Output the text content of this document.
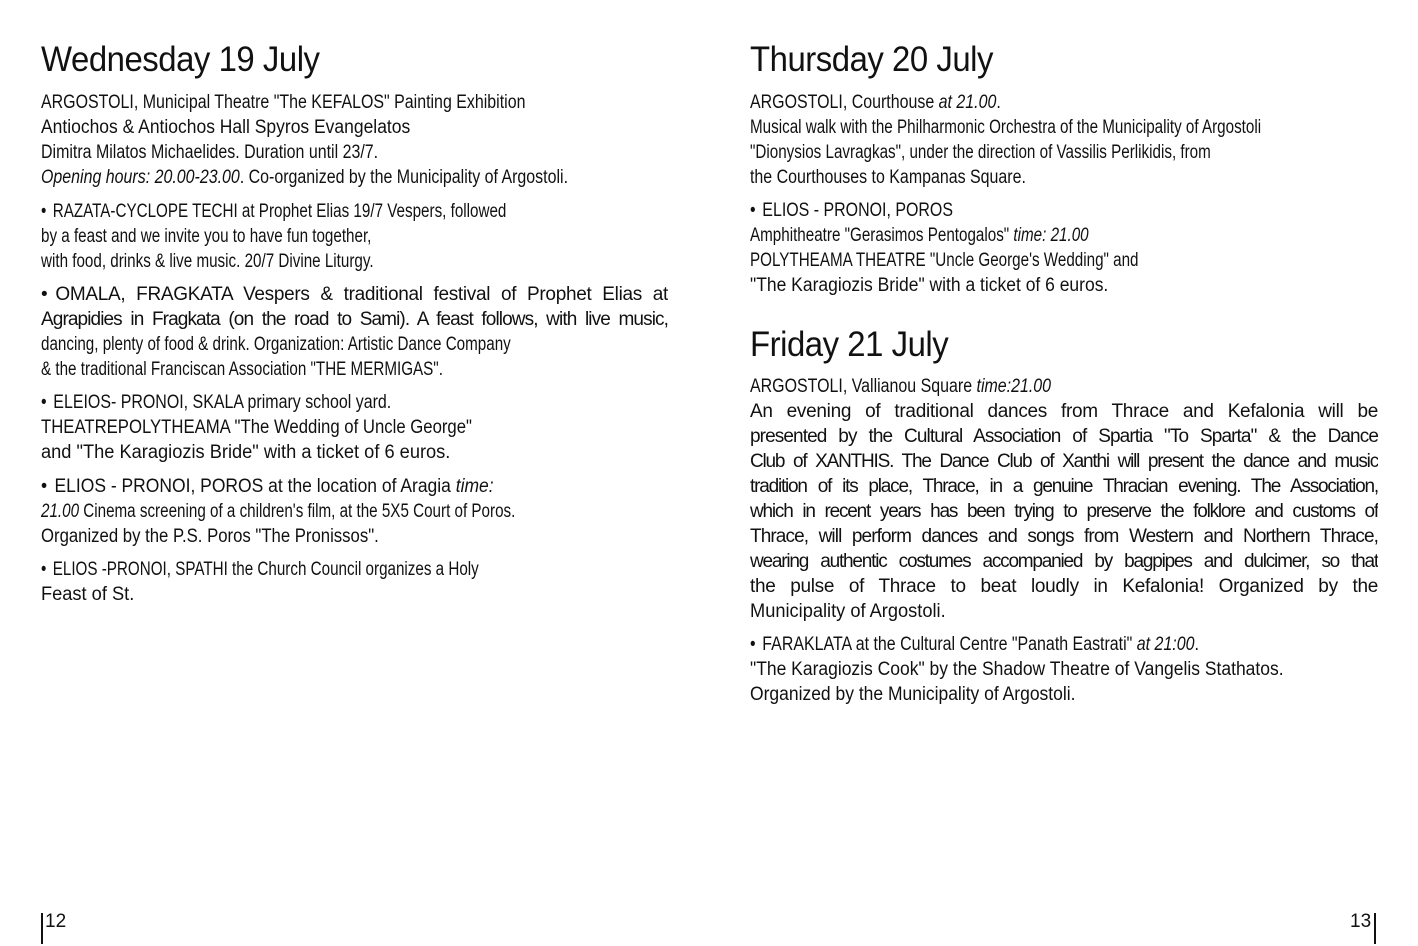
Wednesday 19 July
ARGOSTOLI, Municipal Theatre "The KEFALOS" Painting Exhibition
Antiochos & Antiochos Hall Spyros Evangelatos
Dimitra Milatos Michaelides. Duration until 23/7.
Opening hours: 20.00-23.00. Co-organized by the Municipality of Argostoli.
• RAZATA-CYCLOPE TECHI at Prophet Elias 19/7 Vespers, followed
by a feast and we invite you to have fun together,
with food, drinks & live music. 20/7 Divine Liturgy.
• OMALA, FRAGKATA Vespers & traditional festival of Prophet Elias at
Agrapidies in Fragkata (on the road to Sami). A feast follows, with live music,
dancing, plenty of food & drink. Organization: Artistic Dance Company
& the traditional Franciscan Association "THE MERMIGAS".
• ELEIOS- PRONOI, SKALA primary school yard.
THEATREPOLYTHEAMA "The Wedding of Uncle George"
and "The Karagiozis Bride" with a ticket of 6 euros.
• ELIOS - PRONOI, POROS at the location of Aragia time:
21.00 Cinema screening of a children's film, at the 5X5 Court of Poros.
Organized by the P.S. Poros "The Pronissos".
• ELIOS -PRONOI, SPATHI the Church Council organizes a Holy
Feast of St.
Thursday 20 July
ARGOSTOLI, Courthouse at 21.00.
Musical walk with the Philharmonic Orchestra of the Municipality of Argostoli
"Dionysios Lavragkas", under the direction of Vassilis Perlikidis, from
the Courthouses to Kampanas Square.
• ELIOS - PRONOI, POROS
Amphitheatre "Gerasimos Pentogalos" time: 21.00
POLYTHEAMA THEATRE "Uncle George's Wedding" and
"The Karagiozis Bride" with a ticket of 6 euros.
Friday 21 July
ARGOSTOLI, Vallianou Square time:21.00
An evening of traditional dances from Thrace and Kefalonia will be
presented by the Cultural Association of Spartia "To Sparta" & the Dance
Club of XANTHIS. The Dance Club of Xanthi will present the dance and music
tradition of its place, Thrace, in a genuine Thracian evening. The Association,
which in recent years has been trying to preserve the folklore and customs of
Thrace, will perform dances and songs from Western and Northern Thrace,
wearing authentic costumes accompanied by bagpipes and dulcimer, so that
the pulse of Thrace to beat loudly in Kefalonia! Organized by the
Municipality of Argostoli.
• FARAKLATA at the Cultural Centre "Panath Eastrati" at 21:00.
"The Karagiozis Cook" by the Shadow Theatre of Vangelis Stathatos.
Organized by the Municipality of Argostoli.
12	13
